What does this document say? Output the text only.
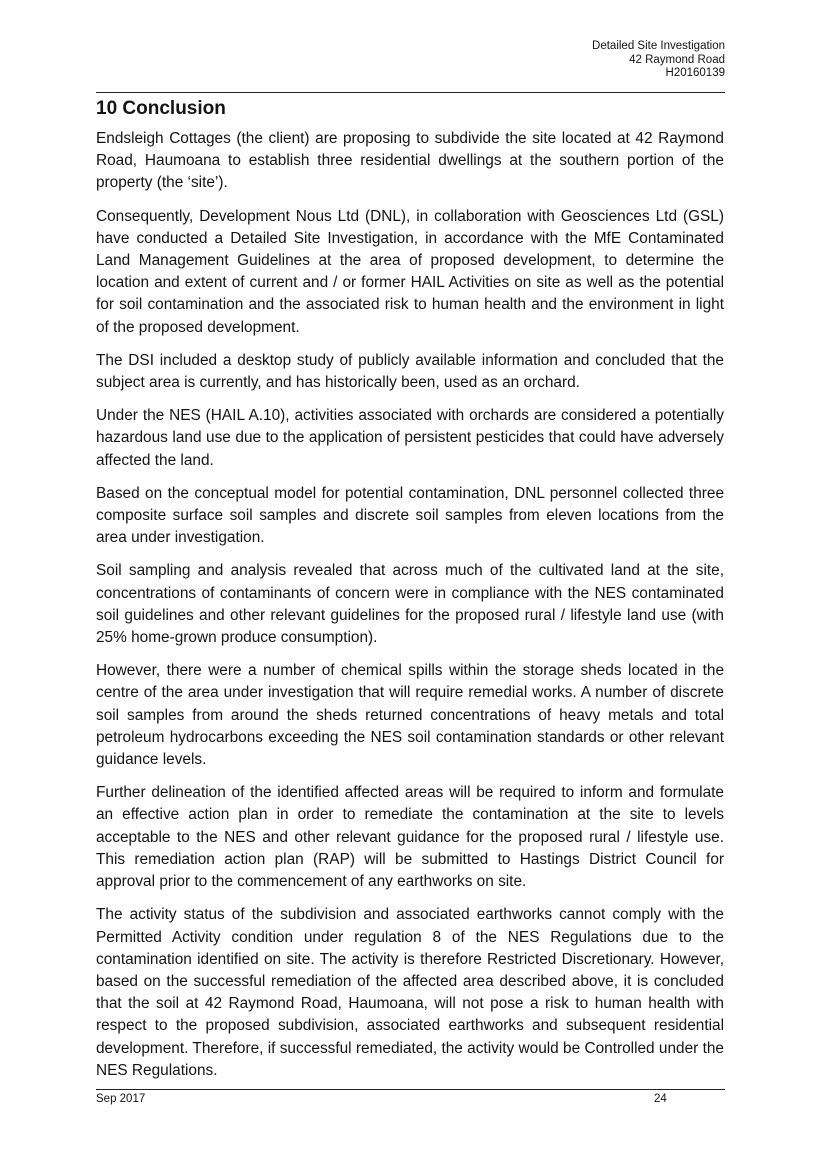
Detailed Site Investigation
42 Raymond Road
H20160139
10 Conclusion

Endsleigh Cottages (the client) are proposing to subdivide the site located at 42 Raymond Road, Haumoana to establish three residential dwellings at the southern portion of the property (the ‘site’).

Consequently, Development Nous Ltd (DNL), in collaboration with Geosciences Ltd (GSL) have conducted a Detailed Site Investigation, in accordance with the MfE Contaminated Land Management Guidelines at the area of proposed development, to determine the location and extent of current and / or former HAIL Activities on site as well as the potential for soil contamination and the associated risk to human health and the environment in light of the proposed development.

The DSI included a desktop study of publicly available information and concluded that the subject area is currently, and has historically been, used as an orchard.

Under the NES (HAIL A.10), activities associated with orchards are considered a potentially hazardous land use due to the application of persistent pesticides that could have adversely affected the land.

Based on the conceptual model for potential contamination, DNL personnel collected three composite surface soil samples and discrete soil samples from eleven locations from the area under investigation.

Soil sampling and analysis revealed that across much of the cultivated land at the site, concentrations of contaminants of concern were in compliance with the NES contaminated soil guidelines and other relevant guidelines for the proposed rural / lifestyle land use (with 25% home-grown produce consumption).

However, there were a number of chemical spills within the storage sheds located in the centre of the area under investigation that will require remedial works. A number of discrete soil samples from around the sheds returned concentrations of heavy metals and total petroleum hydrocarbons exceeding the NES soil contamination standards or other relevant guidance levels.

Further delineation of the identified affected areas will be required to inform and formulate an effective action plan in order to remediate the contamination at the site to levels acceptable to the NES and other relevant guidance for the proposed rural / lifestyle use. This remediation action plan (RAP) will be submitted to Hastings District Council for approval prior to the commencement of any earthworks on site.

The activity status of the subdivision and associated earthworks cannot comply with the Permitted Activity condition under regulation 8 of the NES Regulations due to the contamination identified on site. The activity is therefore Restricted Discretionary. However, based on the successful remediation of the affected area described above, it is concluded that the soil at 42 Raymond Road, Haumoana, will not pose a risk to human health with respect to the proposed subdivision, associated earthworks and subsequent residential development. Therefore, if successful remediated, the activity would be Controlled under the NES Regulations.

Sep 2017	24
